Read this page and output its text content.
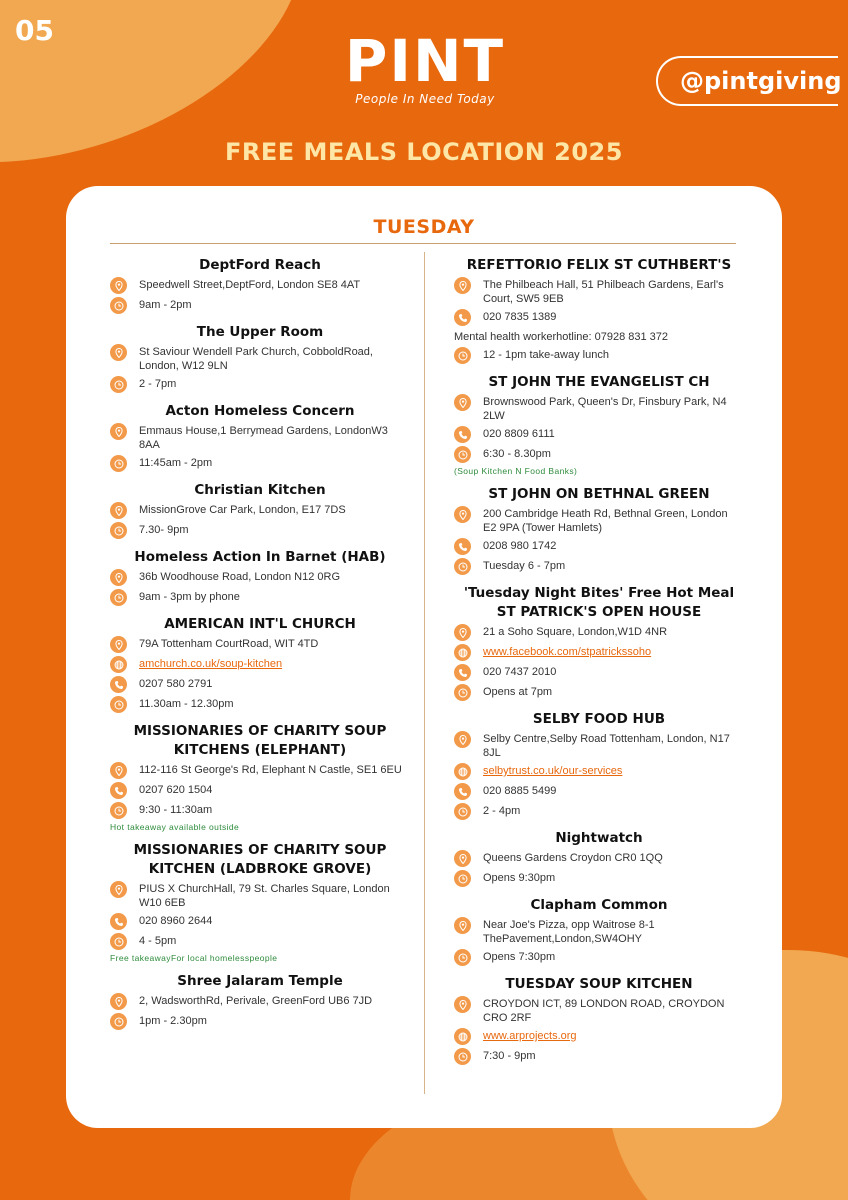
05	PINT
People In Need Today
@pintgiving
FREE MEALS LOCATION 2025
TUESDAY
DeptFord Reach
Speedwell Street,DeptFord, London SE8 4AT
9am - 2pm
The Upper Room
St Saviour Wendell Park Church, CobboldRoad, London, W12 9LN
2 - 7pm
Acton Homeless Concern
Emmaus House,1 Berrymead Gardens, LondonW3 8AA
11:45am - 2pm
Christian Kitchen
MissionGrove Car Park, London, E17 7DS
7.30- 9pm
Homeless Action In Barnet (HAB)
36b Woodhouse Road, London N12 0RG
9am - 3pm by phone
AMERICAN INT'L CHURCH
79A Tottenham CourtRoad, WIT 4TD
amchurch.co.uk/soup-kitchen
0207 580 2791
11.30am - 12.30pm
MISSIONARIES OF CHARITY SOUP KITCHENS (ELEPHANT)
112-116 St George's Rd, Elephant N Castle, SE1 6EU
0207 620 1504
9:30 - 11:30am
Hot takeaway available outside
MISSIONARIES OF CHARITY SOUP KITCHEN (LADBROKE GROVE)
PIUS X ChurchHall, 79 St. Charles Square, London W10 6EB
020 8960 2644
4 - 5pm
Free takeawayFor local homelesspeople
Shree Jalaram Temple
2, WadsworthRd, Perivale, GreenFord UB6 7JD
1pm - 2.30pm
REFETTORIO FELIX ST CUTHBERT'S
The Philbeach Hall, 51 Philbeach Gardens, Earl's Court, SW5 9EB
020 7835 1389
Mental health workerhotline: 07928 831 372
12 - 1pm take-away lunch
ST JOHN THE EVANGELIST CH
Brownswood Park, Queen's Dr, Finsbury Park, N4 2LW
020 8809 6111
6:30 - 8.30pm
(Soup Kitchen N Food Banks)
ST JOHN ON BETHNAL GREEN
200 Cambridge Heath Rd, Bethnal Green, London E2 9PA (Tower Hamlets)
0208 980 1742
Tuesday 6 - 7pm
'Tuesday Night Bites' Free Hot Meal ST PATRICK'S OPEN HOUSE
21 a Soho Square, London,W1D 4NR
www.facebook.com/stpatrickssoho
020 7437 2010
Opens at 7pm
SELBY FOOD HUB
Selby Centre,Selby Road Tottenham, London, N17 8JL
selbytrust.co.uk/our-services
020 8885 5499
2 - 4pm
Nightwatch
Queens Gardens Croydon CR0 1QQ
Opens 9:30pm
Clapham Common
Near Joe's Pizza, opp Waitrose 8-1 ThePavement,London,SW4OHY
Opens 7:30pm
TUESDAY SOUP KITCHEN
CROYDON ICT, 89 LONDON ROAD, CROYDON CRO 2RF
www.arprojects.org
7:30 - 9pm
